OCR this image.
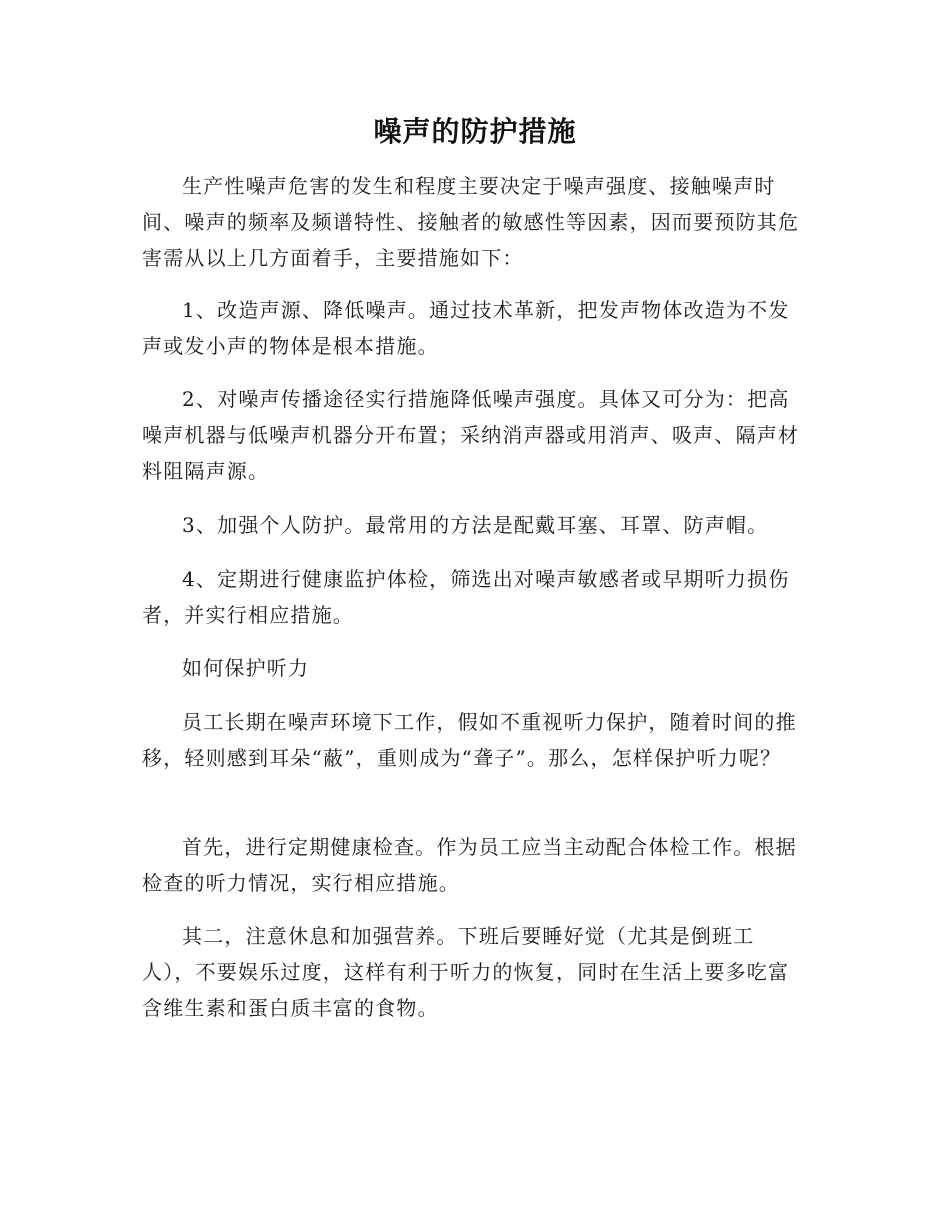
噪声的防护措施

生产性噪声危害的发生和程度主要决定于噪声强度、接触噪声时间、噪声的频率及频谱特性、接触者的敏感性等因素，因而要预防其危害需从以上几方面着手，主要措施如下：

1、改造声源、降低噪声。通过技术革新，把发声物体改造为不发声或发小声的物体是根本措施。

2、对噪声传播途径实行措施降低噪声强度。具体又可分为：把高噪声机器与低噪声机器分开布置；采纳消声器或用消声、吸声、隔声材料阻隔声源。

3、加强个人防护。最常用的方法是配戴耳塞、耳罩、防声帽。

4、定期进行健康监护体检，筛选出对噪声敏感者或早期听力损伤者，并实行相应措施。

如何保护听力

员工长期在噪声环境下工作，假如不重视听力保护，随着时间的推移，轻则感到耳朵“蔽”，重则成为“聋子”。那么，怎样保护听力呢？

首先，进行定期健康检查。作为员工应当主动配合体检工作。根据检查的听力情况，实行相应措施。

其二，注意休息和加强营养。下班后要睡好觉（尤其是倒班工人），不要娱乐过度，这样有利于听力的恢复，同时在生活上要多吃富含维生素和蛋白质丰富的食物。
